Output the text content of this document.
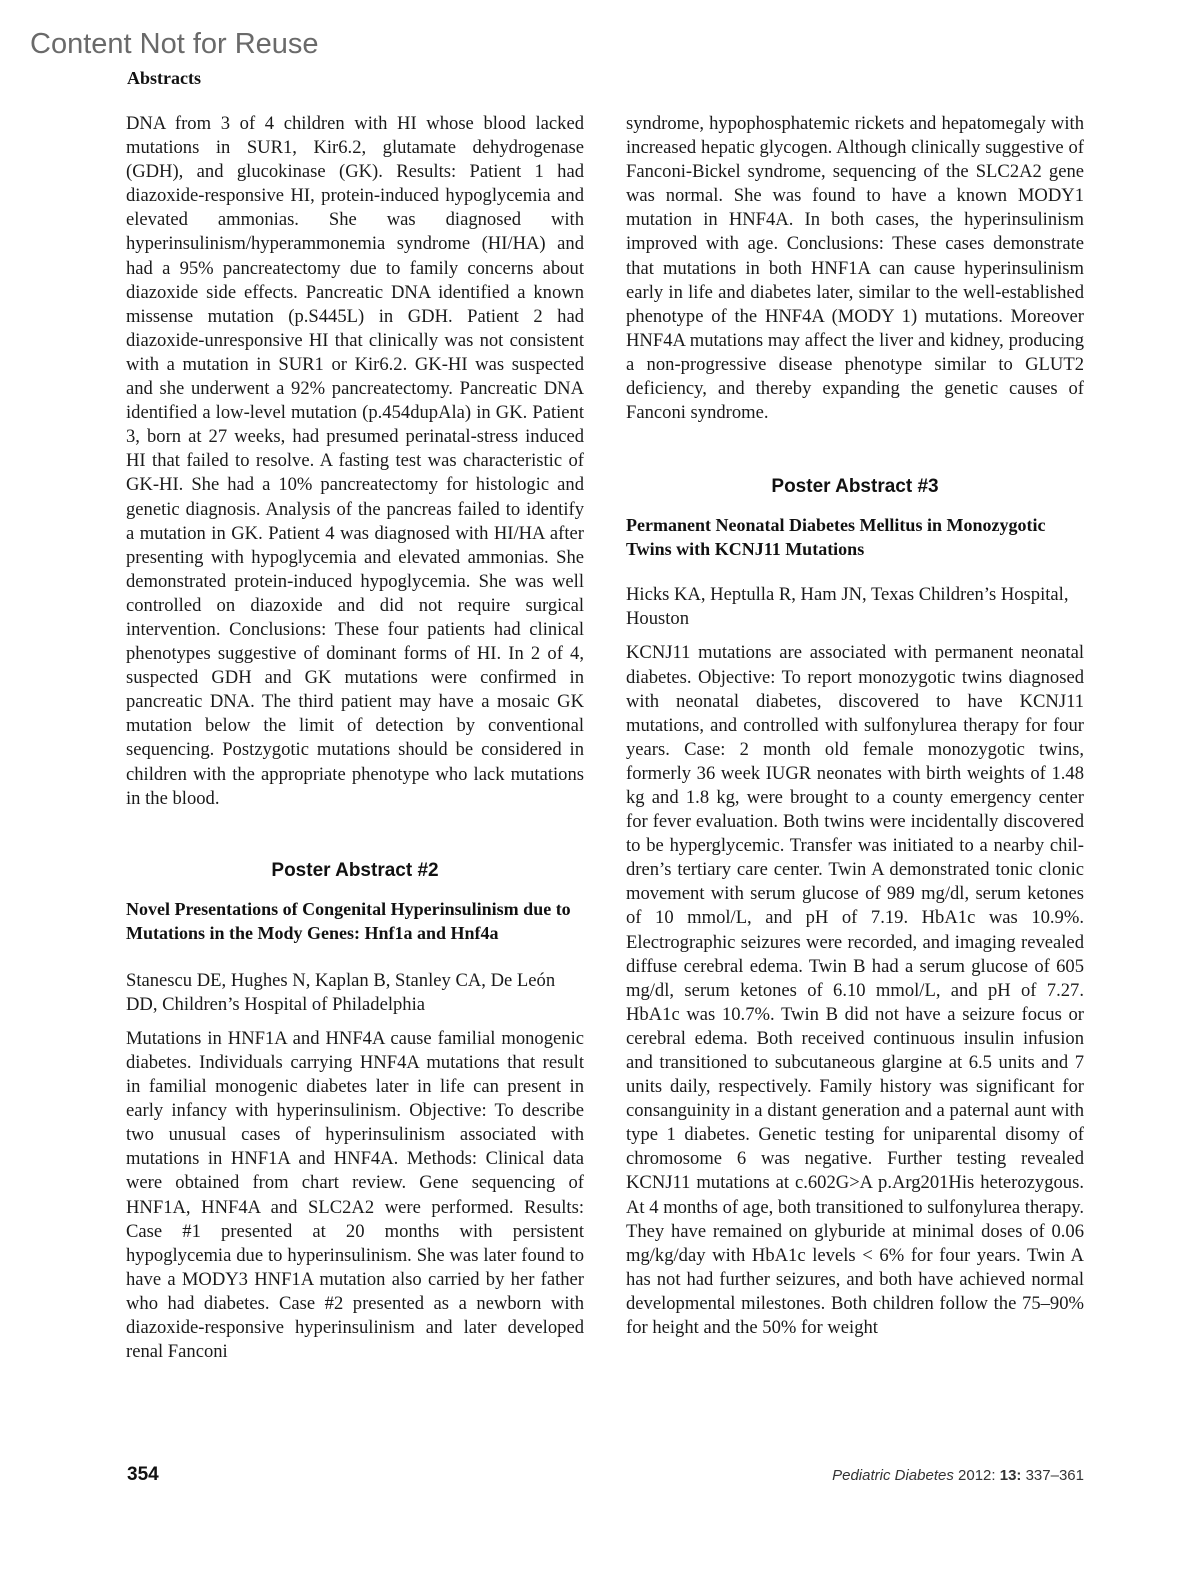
Content Not for Reuse
Abstracts

DNA from 3 of 4 children with HI whose blood lacked mutations in SUR1, Kir6.2, glutamate dehydrogenase (GDH), and glucokinase (GK). Results: Patient 1 had diazoxide-responsive HI, protein-induced hypoglycemia and elevated ammonias. She was diagnosed with hyperinsulinism/hyperammonemia syndrome (HI/HA) and had a 95% pancreatectomy due to family concerns about diazoxide side effects. Pancreatic DNA identified a known missense mutation (p.S445L) in GDH. Patient 2 had diazoxide-unresponsive HI that clinically was not consistent with a mutation in SUR1 or Kir6.2. GK-HI was suspected and she underwent a 92% pancreatectomy. Pancreatic DNA identified a low-level mutation (p.454dupAla) in GK. Patient 3, born at 27 weeks, had presumed perinatal-stress induced HI that failed to resolve. A fasting test was characteristic of GK-HI. She had a 10% pancreatectomy for histologic and genetic diagnosis. Analysis of the pancreas failed to identify a mutation in GK. Patient 4 was diagnosed with HI/HA after presenting with hypoglycemia and elevated ammonias. She demonstrated protein-induced hypoglycemia. She was well controlled on diazoxide and did not require surgical intervention. Conclusions: These four patients had clinical phenotypes suggestive of dominant forms of HI. In 2 of 4, suspected GDH and GK mutations were confirmed in pancreatic DNA. The third patient may have a mosaic GK mutation below the limit of detection by conventional sequencing. Postzygotic mutations should be considered in children with the appropriate phenotype who lack mutations in the blood.

Poster Abstract #2
Novel Presentations of Congenital Hyperinsulinism due to Mutations in the Mody Genes: Hnf1a and Hnf4a

Stanescu DE, Hughes N, Kaplan B, Stanley CA, De León DD, Children’s Hospital of Philadelphia

Mutations in HNF1A and HNF4A cause familial monogenic diabetes. Individuals carrying HNF4A mutations that result in familial monogenic diabetes later in life can present in early infancy with hyperinsulinism. Objective: To describe two unusual cases of hyperinsulinism associated with mutations in HNF1A and HNF4A. Methods: Clinical data were obtained from chart review. Gene sequencing of HNF1A, HNF4A and SLC2A2 were performed. Results: Case #1 presented at 20 months with persistent hypoglycemia due to hyperinsulinism. She was later found to have a MODY3 HNF1A mutation also carried by her father who had diabetes. Case #2 presented as a newborn with diazoxide-responsive hyperinsulinism and later developed renal Fanconi

syndrome, hypophosphatemic rickets and hepatomegaly with increased hepatic glycogen. Although clinically suggestive of Fanconi-Bickel syndrome, sequencing of the SLC2A2 gene was normal. She was found to have a known MODY1 mutation in HNF4A. In both cases, the hyperinsulinism improved with age. Conclusions: These cases demonstrate that mutations in both HNF1A can cause hyperinsulinism early in life and diabetes later, similar to the well-established phenotype of the HNF4A (MODY 1) mutations. Moreover HNF4A mutations may affect the liver and kidney, producing a non-progressive disease phenotype similar to GLUT2 deficiency, and thereby expanding the genetic causes of Fanconi syndrome.

Poster Abstract #3
Permanent Neonatal Diabetes Mellitus in Monozygotic Twins with KCNJ11 Mutations

Hicks KA, Heptulla R, Ham JN, Texas Children’s Hospital, Houston

KCNJ11 mutations are associated with permanent neonatal diabetes. Objective: To report monozygotic twins diagnosed with neonatal diabetes, discovered to have KCNJ11 mutations, and controlled with sulfonylurea therapy for four years. Case: 2 month old female monozygotic twins, formerly 36 week IUGR neonates with birth weights of 1.48 kg and 1.8 kg, were brought to a county emergency center for fever evaluation. Both twins were incidentally discovered to be hyperglycemic. Transfer was initiated to a nearby children’s tertiary care center. Twin A demonstrated tonic clonic movement with serum glucose of 989 mg/dl, serum ketones of 10 mmol/L, and pH of 7.19. HbA1c was 10.9%. Electrographic seizures were recorded, and imaging revealed diffuse cerebral edema. Twin B had a serum glucose of 605 mg/dl, serum ketones of 6.10 mmol/L, and pH of 7.27. HbA1c was 10.7%. Twin B did not have a seizure focus or cerebral edema. Both received continuous insulin infusion and transitioned to subcutaneous glargine at 6.5 units and 7 units daily, respectively. Family history was significant for consanguinity in a distant generation and a paternal aunt with type 1 diabetes. Genetic testing for uniparental disomy of chromosome 6 was negative. Further testing revealed KCNJ11 mutations at c.602G>A p.Arg201His heterozygous. At 4 months of age, both transitioned to sulfonylurea therapy. They have remained on glyburide at minimal doses of 0.06 mg/kg/day with HbA1c levels < 6% for four years. Twin A has not had further seizures, and both have achieved normal developmental milestones. Both children follow the 75–90% for height and the 50% for weight

354	Pediatric Diabetes 2012: 13: 337–361
